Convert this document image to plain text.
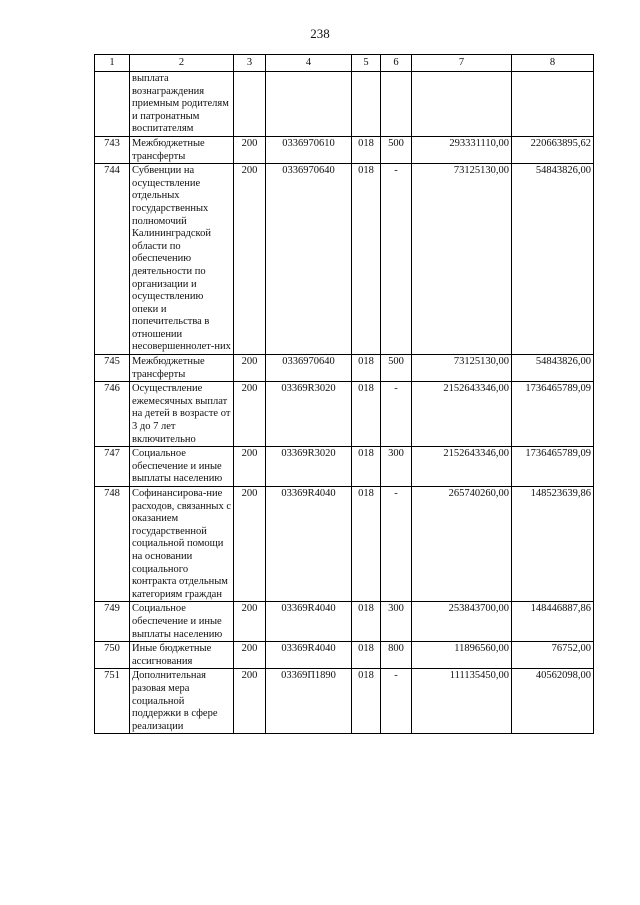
238
1	2	3	4	5	6	7	8
	выплата вознаграждения приемным родителям и патронатным воспитателям						
743	Межбюджетные трансферты	200	0336970610	018	500	293331110,00	220663895,62
744	Субвенции на осуществление отдельных государственных полномочий Калининградской области по обеспечению деятельности по организации и осуществлению опеки и попечительства в отношении несовершеннолет-них	200	0336970640	018	-	73125130,00	54843826,00
745	Межбюджетные трансферты	200	0336970640	018	500	73125130,00	54843826,00
746	Осуществление ежемесячных выплат на детей в возрасте от 3 до 7 лет включительно	200	03369R3020	018	-	2152643346,00	1736465789,09
747	Социальное обеспечение и иные выплаты населению	200	03369R3020	018	300	2152643346,00	1736465789,09
748	Софинансирова-ние расходов, связанных с оказанием государственной социальной помощи на основании социального контракта отдельным категориям граждан	200	03369R4040	018	-	265740260,00	148523639,86
749	Социальное обеспечение и иные выплаты населению	200	03369R4040	018	300	253843700,00	148446887,86
750	Иные бюджетные ассигнования	200	03369R4040	018	800	11896560,00	76752,00
751	Дополнительная разовая мера социальной поддержки в сфере реализации	200	03369П1890	018	-	111135450,00	40562098,00
